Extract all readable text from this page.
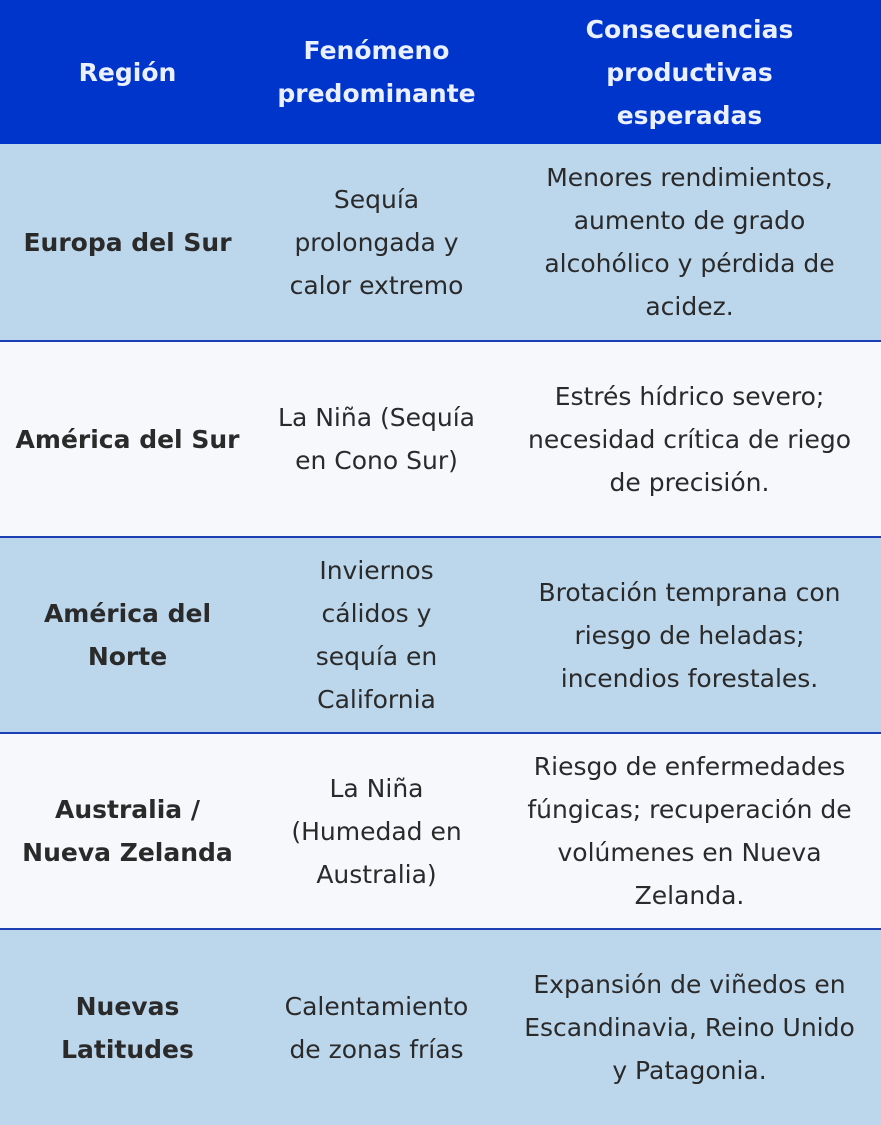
Región
Fenómeno predominante
Consecuencias productivas esperadas
Europa del Sur
Sequía prolongada y calor extremo
Menores rendimientos, aumento de grado alcohólico y pérdida de acidez.
América del Sur
La Niña (Sequía en Cono Sur)
Estrés hídrico severo; necesidad crítica de riego de precisión.
América del Norte
Inviernos cálidos y sequía en California
Brotación temprana con riesgo de heladas; incendios forestales.
Australia / Nueva Zelanda
La Niña (Humedad en Australia)
Riesgo de enfermedades fúngicas; recuperación de volúmenes en Nueva Zelanda.
Nuevas Latitudes
Calentamiento de zonas frías
Expansión de viñedos en Escandinavia, Reino Unido y Patagonia.
